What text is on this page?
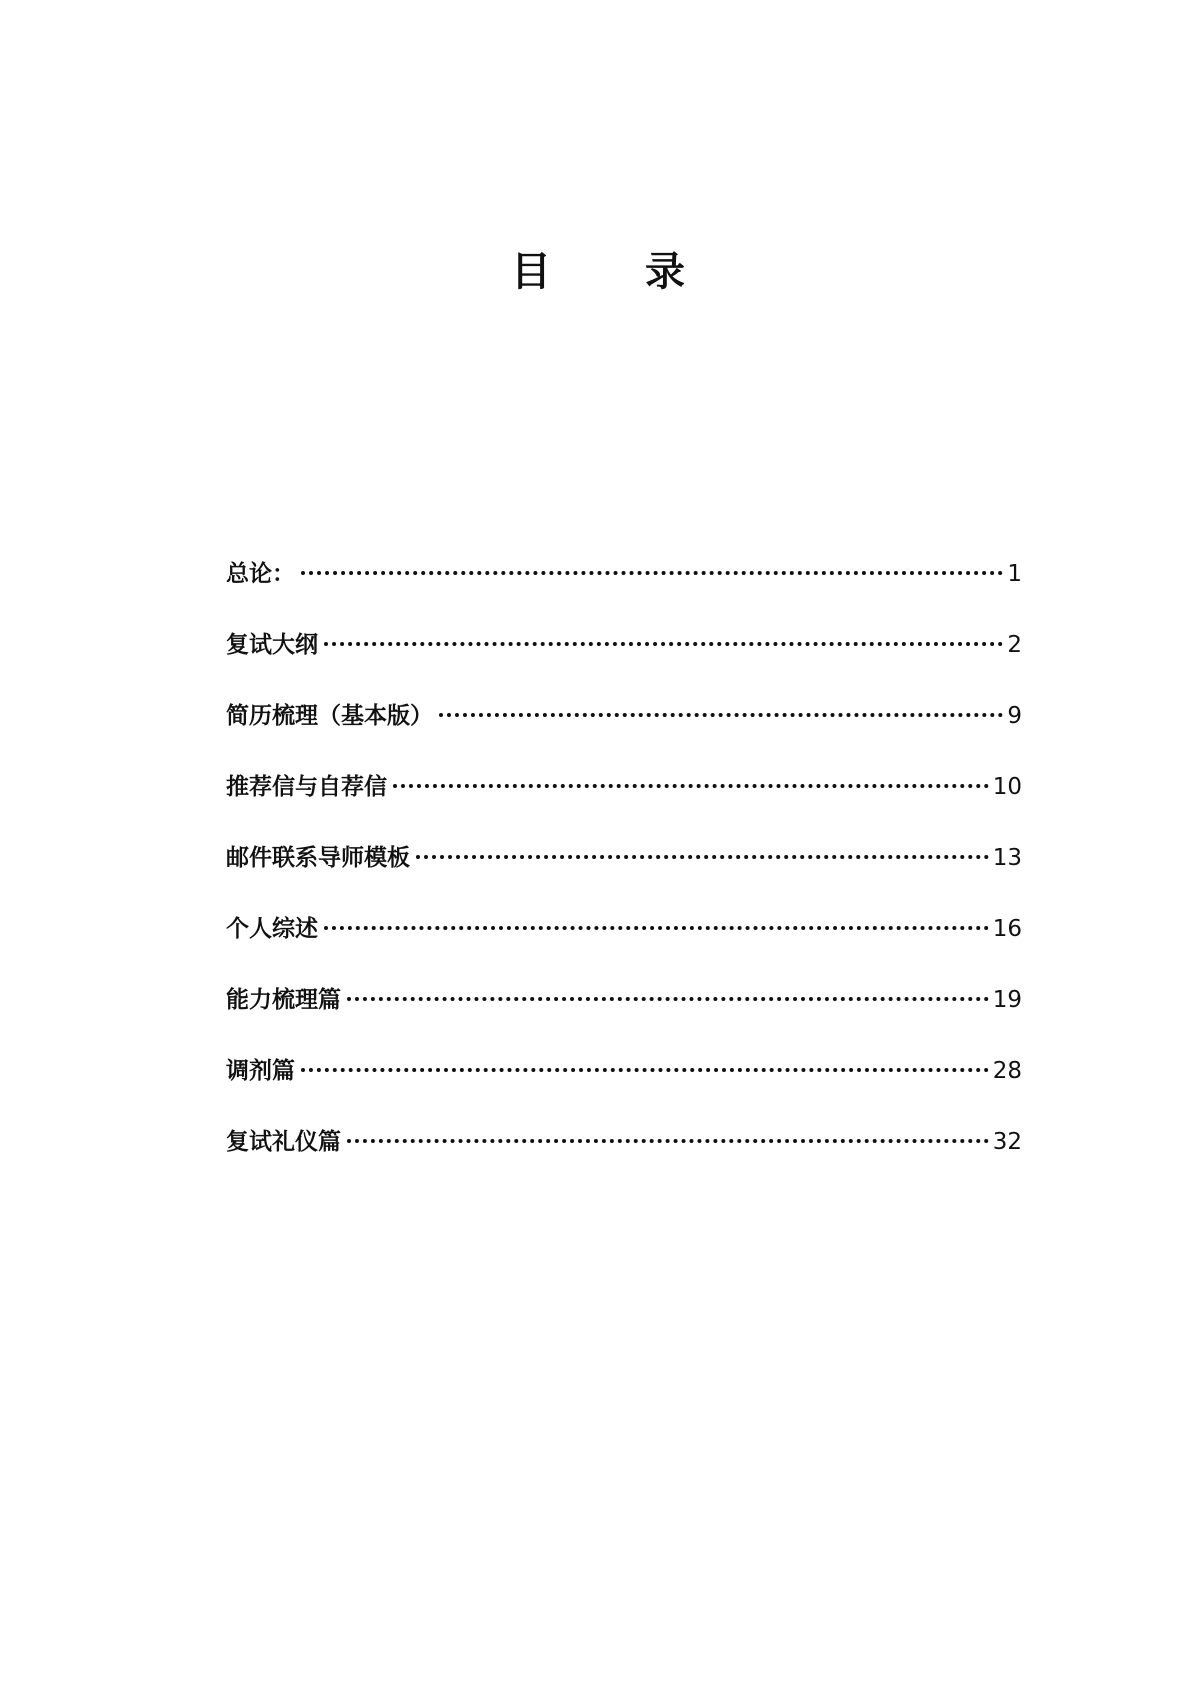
目 录
总论：	1
复试大纲	2
简历梳理（基本版）	9
推荐信与自荐信	10
邮件联系导师模板	13
个人综述	16
能力梳理篇	19
调剂篇	28
复试礼仪篇	32
